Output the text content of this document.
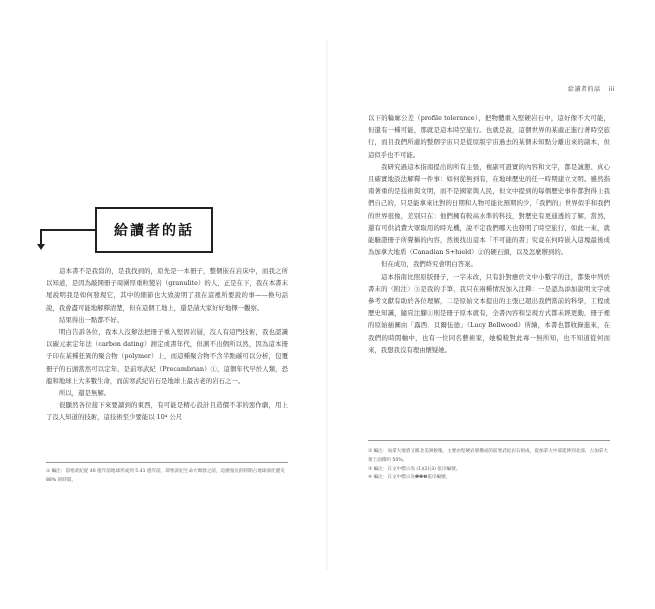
給讀者的話 iii
給讀者的話

這本書不是我寫的，是我找到的，原先是一本冊子，整個嵌在岩床中，而我之所以知道，是因為敲開冊子周圍厚重粒變岩（granulite）的人，正是在下，我在本書末尾說明我是如何發現它，其中的細節也大致說明了我在這裡所要說的事——換句話說，我會盡可能地解釋清楚，但在這個工地上，還是請大家好好地擇一觀察。

結果得出一點都不好。

明白告訴各位，我本人沒辦法把冊子重入堅固岩層，沒人有這門技術，我也認識以碳元素定年法（carbon dating）測定或書年代，但測不出個所以然，因為這本冊子印在某種狂異的聚合物（polymer）上，而這種聚合物不含半點碳可以分析，包覆冊子的石頭當然可以定年，是前寒武紀（Precambrian）①，這個年代早於人類，恐龍和地球上大多數生命，而前寒武紀岩石是地球上最古老的岩石之一。

所以，還是無解。

很顯然各位接下來要讀到的東西，有可能是精心設計且造價不菲的惡作劇，用上了沒人知道的技術，這技術至少要能以 10⁴ 公尺

① 編注：前寒武紀從 46 億年前地球形成到 5.41 億年前，即寒武紀生命大爆發之前，這麼漫長的時期占地球演化歷史 88% 的時間。

以下的輪廓公差（profile tolerance），把物體重入堅硬岩石中，這好像不大可能，但還有一種可能，那就是這本時空旅行。也就是說，這個世界的某處正進行著時空旅行，而且我們所處的整個宇宙只是從原版宇宙過去的某個未知點分離出來的副本，但這似乎也不可能。

我研究過這本指南提出的所有主張，複副可證實的內容和文字，都是誠懇、真心且確實地設法解釋一件事：如何從無到有，在地球歷史的任一時期建立文明。雖然指南著重的是技術與文明，而不是國家與人民，但文中提到的每個歷史事件都對得上我們自己的，只是能拿來比對的日期和人物可能比預期的少，「我們的」世界似乎和我們的世界很像，差別只在：他們擁有較高水準的科技，對歷史有更通透的了解，當然，還有可供消費大眾取用的時光機，說不定我們哪天也發明了時空旅行，如此一來，就能驗證冊子所聲稱的內容，然後找出這本「不可能的書」究竟在何時嵌入這塊最後成為加拿大地盾（Canadian S+hield）②的硬石頭，以及怎麼辦到的。

但在成功，我們終究會明白答案。

這本指南比照原版冊子，一字未改，只有針對應於文中小數字的注，都集中列於書末的〈附注〉③是我的手筆，我只在兩種情況加入注釋：一是認為添加說明文字或參考文獻有助於各位理解，二是原始文本提出的主張已超出我們當前的科學，工程或歷史知識，隨頁注腳①則是冊子原本就有，全書內容和呈現方式都未經更動，冊子裡的原始插圖由「露西．貝爾伍德」（Lucy Bellwood）所繪，本書也都收錄進來，在我們的時間軸中，也有一位同名藝術家，她模稜對此毒一無所知，也不知道從何而來，我想我沒有理由懷疑她。

② 編注：加拿大地盾又稱北美洲板塊，主要由堅硬岩層構成的前寒武紀岩石組成，從加拿大中部延伸到北部，占加拿大領土面積約 50%。

③ 編注：在文中標示為 (1)(2)(3) 依序編號。

④ 編注：在文中標示為❶❷❸依序編號。
